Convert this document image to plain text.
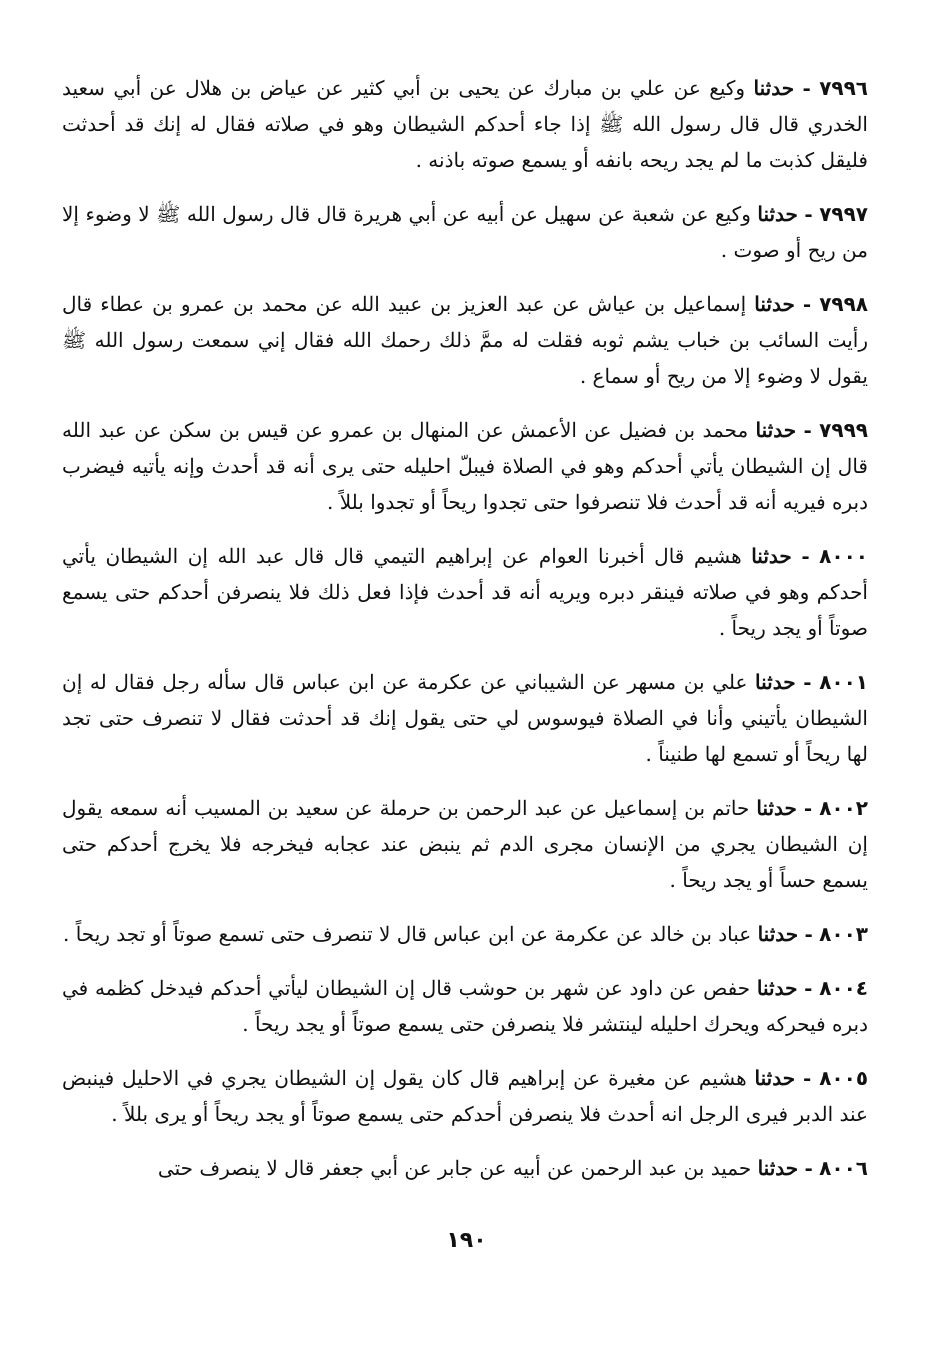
٧٩٩٦ - حدثنا وكيع عن علي بن مبارك عن يحيى بن أبي كثير عن عياض بن هلال عن أبي سعيد الخدري قال قال رسول الله ﷺ إذا جاء أحدكم الشيطان وهو في صلاته فقال له إنك قد أحدثت فليقل كذبت ما لم يجد ريحه بانفه أو يسمع صوته باذنه .

٧٩٩٧ - حدثنا وكيع عن شعبة عن سهيل عن أبيه عن أبي هريرة قال قال رسول الله ﷺ لا وضوء إلا من ريح أو صوت .

٧٩٩٨ - حدثنا إسماعيل بن عياش عن عبد العزيز بن عبيد الله عن محمد بن عمرو بن عطاء قال رأيت السائب بن خباب يشم ثوبه فقلت له ممَّ ذلك رحمك الله فقال إني سمعت رسول الله ﷺ يقول لا وضوء إلا من ريح أو سماع .

٧٩٩٩ - حدثنا محمد بن فضيل عن الأعمش عن المنهال بن عمرو عن قيس بن سكن عن عبد الله قال إن الشيطان يأتي أحدكم وهو في الصلاة فيبلّ احليله حتى يرى أنه قد أحدث وإنه يأتيه فيضرب دبره فيريه أنه قد أحدث فلا تنصرفوا حتى تجدوا ريحاً أو تجدوا بللاً .

٨٠٠٠ - حدثنا هشيم قال أخبرنا العوام عن إبراهيم التيمي قال قال عبد الله إن الشيطان يأتي أحدكم وهو في صلاته فينقر دبره ويريه أنه قد أحدث فإذا فعل ذلك فلا ينصرفن أحدكم حتى يسمع صوتاً أو يجد ريحاً .

٨٠٠١ - حدثنا علي بن مسهر عن الشيباني عن عكرمة عن ابن عباس قال سأله رجل فقال له إن الشيطان يأتيني وأنا في الصلاة فيوسوس لي حتى يقول إنك قد أحدثت فقال لا تنصرف حتى تجد لها ريحاً أو تسمع لها طنيناً .

٨٠٠٢ - حدثنا حاتم بن إسماعيل عن عبد الرحمن بن حرملة عن سعيد بن المسيب أنه سمعه يقول إن الشيطان يجري من الإنسان مجرى الدم ثم ينبض عند عجابه فيخرجه فلا يخرج أحدكم حتى يسمع حساً أو يجد ريحاً .

٨٠٠٣ - حدثنا عباد بن خالد عن عكرمة عن ابن عباس قال لا تنصرف حتى تسمع صوتاً أو تجد ريحاً .

٨٠٠٤ - حدثنا حفص عن داود عن شهر بن حوشب قال إن الشيطان ليأتي أحدكم فيدخل كظمه في دبره فيحركه ويحرك احليله لينتشر فلا ينصرفن حتى يسمع صوتاً أو يجد ريحاً .

٨٠٠٥ - حدثنا هشيم عن مغيرة عن إبراهيم قال كان يقول إن الشيطان يجري في الاحليل فينبض عند الدبر فيرى الرجل انه أحدث فلا ينصرفن أحدكم حتى يسمع صوتاً أو يجد ريحاً أو يرى بللاً .

٨٠٠٦ - حدثنا حميد بن عبد الرحمن عن أبيه عن جابر عن أبي جعفر قال لا ينصرف حتى

١٩٠
